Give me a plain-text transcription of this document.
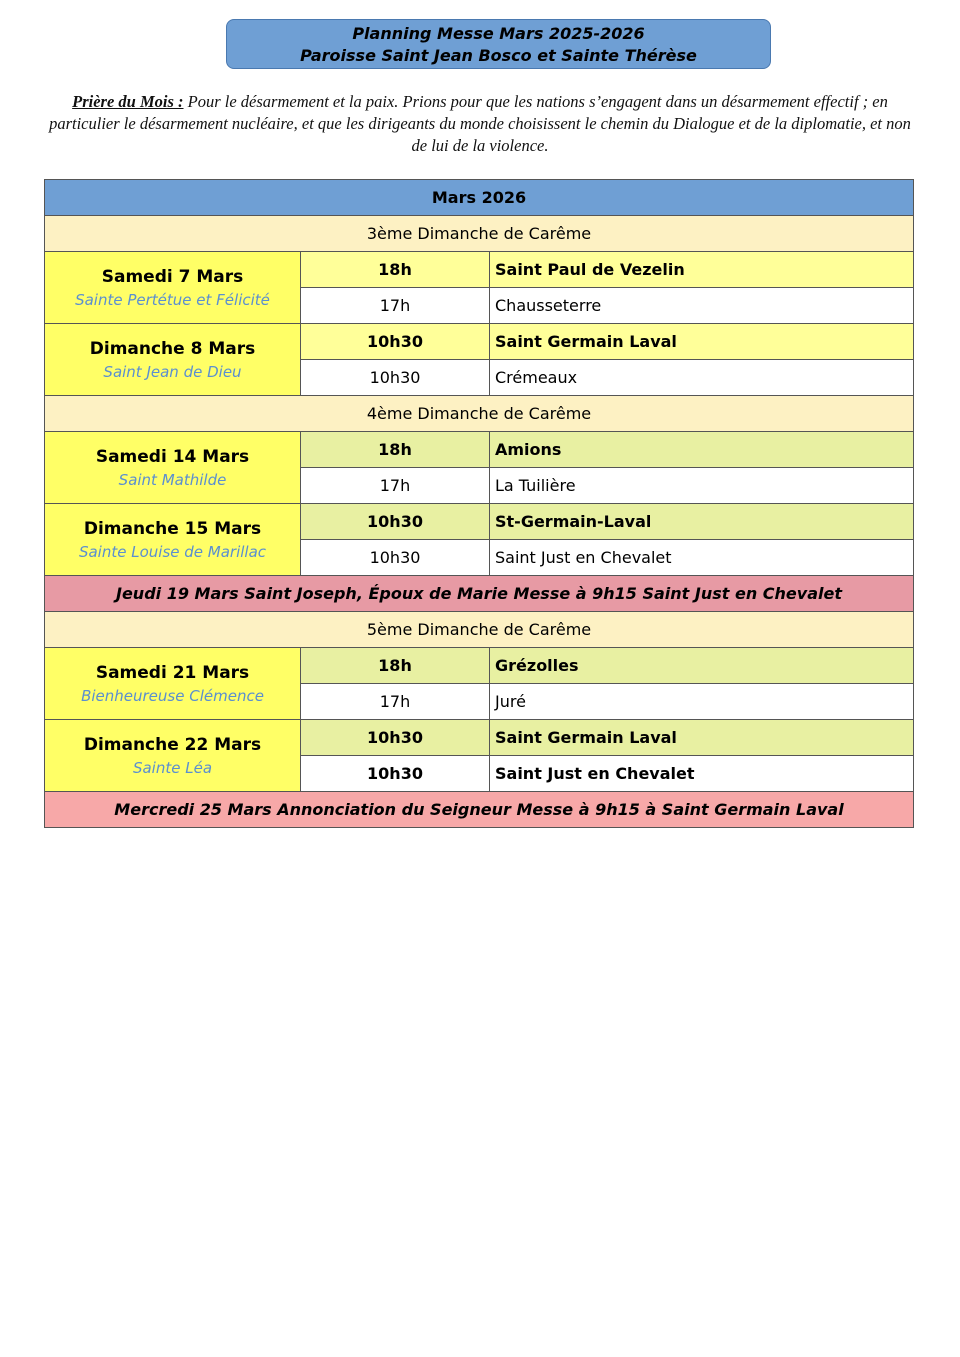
Planning Messe Mars 2025-2026
Paroisse Saint Jean Bosco et Sainte Thérèse
Prière du Mois : Pour le désarmement et la paix. Prions pour que les nations s’engagent dans un désarmement effectif ; en particulier le désarmement nucléaire, et que les dirigeants du monde choisissent le chemin du Dialogue et de la diplomatie, et non de lui de la violence.
Mars 2026		
3ème Dimanche de Carême		

Samedi 7 Mars
Sainte Pertétue et Félicité	18h	Saint Paul de Vezelin
	17h	Chausseterre

Dimanche 8 Mars
Saint Jean de Dieu	10h30	Saint Germain Laval
	10h30	Crémeaux
4ème Dimanche de Carême		

Samedi 14 Mars
Saint Mathilde	18h	Amions
	17h	La Tuilière

Dimanche 15 Mars
Sainte Louise de Marillac	10h30	St-Germain-Laval
	10h30	Saint Just en Chevalet
Jeudi 19 Mars Saint Joseph, Époux de Marie Messe à 9h15 Saint Just en Chevalet		
5ème Dimanche de Carême		

Samedi 21 Mars
Bienheureuse Clémence	18h	Grézolles
	17h	Juré

Dimanche 22 Mars
Sainte Léa	10h30	Saint Germain Laval
	10h30	Saint Just en Chevalet
Mercredi 25 Mars Annonciation du Seigneur Messe à 9h15 à Saint Germain Laval		
